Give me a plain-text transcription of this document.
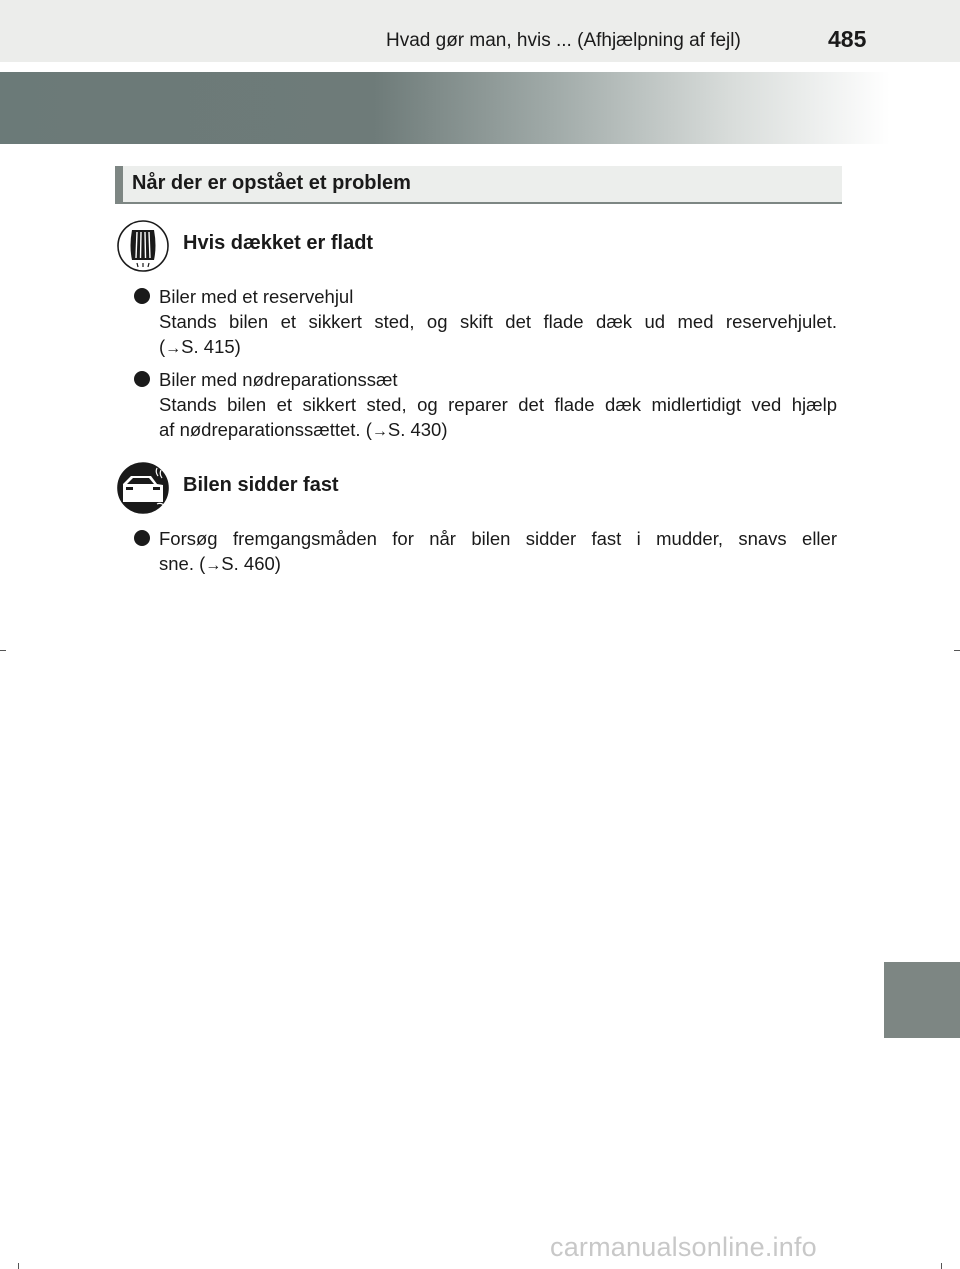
Hvad gør man, hvis ... (Afhjælpning af fejl)	485
Når der er opstået et problem
Hvis dækket er fladt
Biler med et reservehjul
Stands bilen et sikkert sted, og skift det flade dæk ud med reservehjulet.
(→S. 415)
Biler med nødreparationssæt
Stands bilen et sikkert sted, og reparer det flade dæk midlertidigt ved hjælp
af nødreparationssættet. (→S. 430)
Bilen sidder fast
Forsøg fremgangsmåden for når bilen sidder fast i mudder, snavs eller
sne. (→S. 460)
carmanualsonline.info
